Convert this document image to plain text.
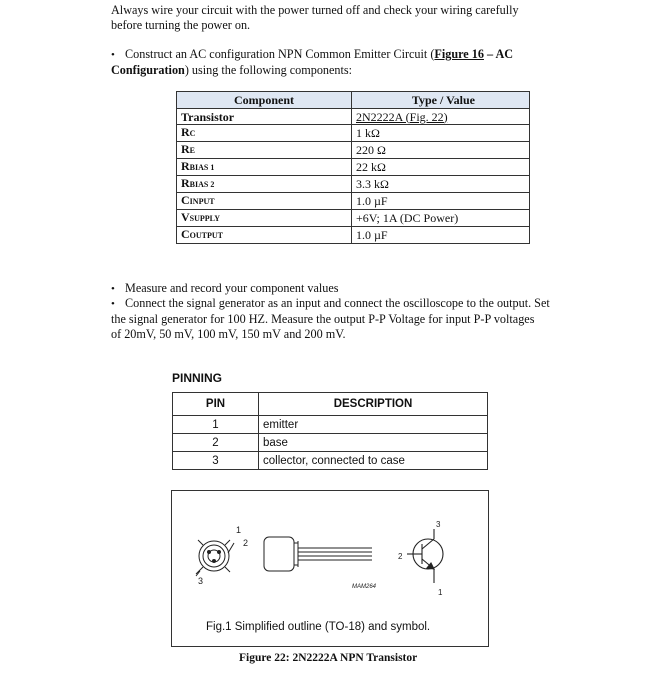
Always wire your circuit with the power turned off and check your wiring carefully
before turning the power on.
• Construct an AC configuration NPN Common Emitter Circuit (Figure 16 – AC
Configuration) using the following components:
Component	Type / Value
Transistor	2N2222A (Fig. 22)
RC	1 kΩ
RE	220 Ω
RBIAS 1	22 kΩ
RBIAS 2	3.3 kΩ
CINPUT	1.0 µF
VSUPPLY	+6V; 1A (DC Power)
COUTPUT	1.0 µF
• Measure and record your component values
• Connect the signal generator as an input and connect the oscilloscope to the output. Set
the signal generator for 100 HZ. Measure the output P-P Voltage for input P-P voltages
of 20mV, 50 mV, 100 mV, 150 mV and 200 mV.
PINNING
PIN	DESCRIPTION
1	emitter
2	base
3	collector, connected to case
1
2
3
MAM264
3
2
1
Fig.1 Simplified outline (TO-18) and symbol.
Figure 22: 2N2222A NPN Transistor
